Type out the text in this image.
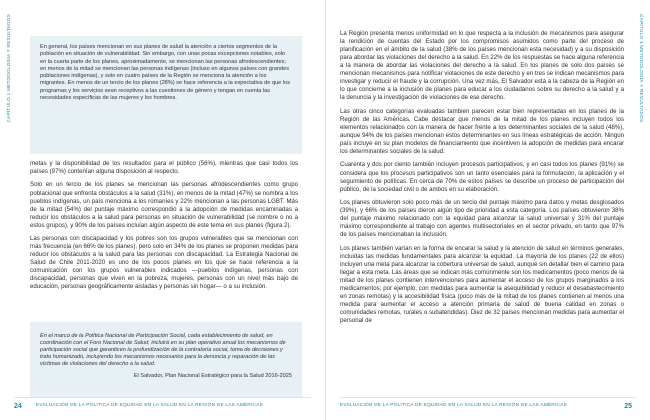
CAPÍTULO 1 METODOLOGÍA Y RESULTADOS	En general, los países mencionan en sus planes de salud la atención a ciertos segmentos de la población en situación de vulnerabilidad. Sin embargo, con unas pocas excepciones notables, solo en la cuarta parte de los planes, aproximadamente, se mencionan las personas afrodescendientes; en menos de la mitad se mencionan las personas indígenas (incluso en algunos países con grandes poblaciones indígenas), y solo en cuatro países de la Región se menciona la atención a los migrantes. En menos de un tercio de los planes (28%) se hace referencia a la expectativa de que los programas y los servicios sean receptivos a las cuestiones de género y tengan en cuenta las necesidades específicas de las mujeres y los hombres.

metas y la disponibilidad de los resultados para el público (56%), mientras que casi todos los países (97%) contenían alguna disposición al respecto.

Solo en un tercio de los planes se mencionan las personas afrodescendientes como grupo poblacional que enfrenta obstáculos a la salud (31%), en menos de la mitad (47%) se nombra a los pueblos indígenas, un país menciona a los romaníes y 22% mencionan a las personas LGBT. Más de la mitad (54%) del puntaje máximo correspondió a la adopción de medidas encaminadas a reducir los obstáculos a la salud para personas en situación de vulnerabilidad (se nombre o no a estos grupos), y 90% de los países incluían algún aspecto de este tema en sus planes (figura 2).

Las personas con discapacidad y los pobres son los grupos vulnerables que se mencionan con más frecuencia (en 66% de los planes), pero solo en 34% de los planes se proponen medidas para reducir los obstáculos a la salud para las personas con discapacidad. La Estrategia Nacional de Salud de Chile 2011-2020 es uno de los pocos planes en los que se hace referencia a la comunicación con los grupos vulnerables indicados —pueblos indígenas, personas con discapacidad, personas que viven en la pobreza, mujeres, personas con un nivel más bajo de educación, personas geográficamente aisladas y personas sin hogar— o a su inclusión.

En el marco de la Política Nacional de Participación Social, cada establecimiento de salud, en coordinación con el Foro Nacional de Salud, incluirá en su plan operativo anual los mecanismos de participación social que garanticen la profundización de la contraloría social, toma de decisiones y trato humanizado, incluyendo los mecanismos necesarios para la denuncia y reparación de las víctimas de violaciones del derecho a la salud.
El Salvador, Plan Nacional Estratégico para la Salud 2016-2025
24	EVALUACIÓN DE LA POLÍTICA DE EQUIDAD EN LA SALUD EN LA REGIÓN DE LAS AMÉRICAS
CAPÍTULO 1 METODOLOGÍA Y RESULTADOS

La Región presenta menos uniformidad en lo que respecta a la inclusión de mecanismos para asegurar la rendición de cuentas del Estado por los compromisos asumidos como parte del proceso de planificación en el ámbito de la salud (38% de los países mencionan esta necesidad) y a su disposición para abordar las violaciones del derecho a la salud. En 22% de los respuestas se hace alguna referencia a la manera de abordar las violaciones del derecho a la salud. En los planes de solo dos países se mencionan mecanismos para notificar violaciones de este derecho y en tres se indican mecanismos para investigar y reducir el fraude y la corrupción. Una vez más, El Salvador está a la cabeza de la Región en lo que concierne a la inclusión de planes para educar a los ciudadanos sobre su derecho a la salud y a la denuncia y la investigación de violaciones de ese derecho.

Las otras cinco categorías evaluadas tambien parecen estar bien representadas en los planes de la Región de las Américas. Cabe destacar que menos de la mitad de los planes incluyen todos los elementos relacionados con la manera de hacer frente a los determinantes sociales de la salud (48%), aunque 94% de los países mencionan estos determinantes en sus líneas estratégicas de acción. Ningún país incluye en su plan modelos de financiamiento que incentiven la adopción de medidas para encarar los determinantes sociales de la salud.

Cuarenta y dos por ciento también incluyen procesos participativos, y en casi todos los planes (91%) se considera que los procesos participativos son un tanto esenciales para la formulación, la aplicación y el seguimiento de políticas. En cerca de 70% de estos países se describe un proceso de participación del público, de la sociedad civil o de ambos en su elaboración.

Los planes obtuvieron solo poco más de un tercio del puntaje máximo para datos y metas desglosados (39%), y 66% de los países dieron algún tipo de prioridad a esta categoría. Los países obtuvieron 38% del puntaje máximo relacionado con la equidad para alcanzar la salud universal y 31% del puntaje máximo correspondiente al trabajo con agentes multisectoriales en el sector privado, en tanto que 97% de los países mencionaban la inclusión.

Los planes también varían en la forma de encarar la salud y la atención de salud en términos generales, incluidas las medidas fundamentales para alcanzar la equidad. La mayoría de los planes (22 de ellos) incluyen una meta para alcanzar la cobertura universal de salud, aunque sin detallar bien el camino para llegar a esta meta. Las áreas que se indican más comúnmente son los medicamentos (poco menos de la mitad de los planes contienen intervenciones para aumentar el acceso de los grupos marginados a los medicamentos; por ejemplo, con medidas para aumentar la asequibilidad y reducir el desabastecimiento en zonas remotas) y la accesibilidad física (poco más de la mitad de los planes contienen al menos una medida para aumentar el acceso a atención primaria de salud de buena calidad en zonas o comunidades remotas, rurales o subatendidas). Diez de 32 países mencionan medidas para aumentar el personal de

EVALUACIÓN DE LA POLÍTICA DE EQUIDAD EN LA SALUD EN LA REGIÓN DE LAS AMÉRICAS	25
